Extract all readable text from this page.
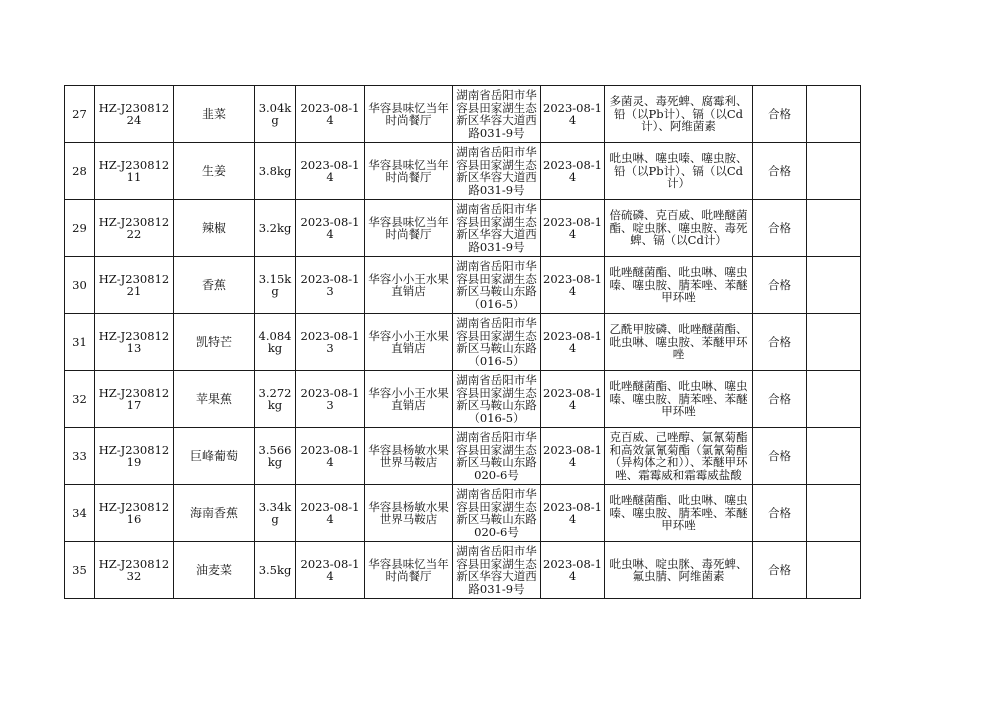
27	HZ-J23081224	韭菜	3.04kg	2023-08-14	华容县味忆当年时尚餐厅	湖南省岳阳市华容县田家湖生态新区华容大道西路031-9号	2023-08-14	多菌灵、毒死蜱、腐霉利、铅（以Pb计）、镉（以Cd计）、阿维菌素	合格	
28	HZ-J23081211	生姜	3.8kg	2023-08-14	华容县味忆当年时尚餐厅	湖南省岳阳市华容县田家湖生态新区华容大道西路031-9号	2023-08-14	吡虫啉、噻虫嗪、噻虫胺、铅（以Pb计）、镉（以Cd计）	合格	
29	HZ-J23081222	辣椒	3.2kg	2023-08-14	华容县味忆当年时尚餐厅	湖南省岳阳市华容县田家湖生态新区华容大道西路031-9号	2023-08-14	倍硫磷、克百威、吡唑醚菌酯、啶虫脒、噻虫胺、毒死蜱、镉（以Cd计）	合格	
30	HZ-J23081221	香蕉	3.15kg	2023-08-13	华容小小王水果直销店	湖南省岳阳市华容县田家湖生态新区马鞍山东路（016-5）	2023-08-14	吡唑醚菌酯、吡虫啉、噻虫嗪、噻虫胺、腈苯唑、苯醚甲环唑	合格	
31	HZ-J23081213	凯特芒	4.084kg	2023-08-13	华容小小王水果直销店	湖南省岳阳市华容县田家湖生态新区马鞍山东路（016-5）	2023-08-14	乙酰甲胺磷、吡唑醚菌酯、吡虫啉、噻虫胺、苯醚甲环唑	合格	
32	HZ-J23081217	苹果蕉	3.272kg	2023-08-13	华容小小王水果直销店	湖南省岳阳市华容县田家湖生态新区马鞍山东路（016-5）	2023-08-14	吡唑醚菌酯、吡虫啉、噻虫嗪、噻虫胺、腈苯唑、苯醚甲环唑	合格	
33	HZ-J23081219	巨峰葡萄	3.566kg	2023-08-14	华容县杨敏水果世界马鞍店	湖南省岳阳市华容县田家湖生态新区马鞍山东路020-6号	2023-08-14	克百威、己唑醇、氯氰菊酯和高效氯氰菊酯（氯氰菊酯（异构体之和））、苯醚甲环唑、霜霉威和霜霉威盐酸	合格	
34	HZ-J23081216	海南香蕉	3.34kg	2023-08-14	华容县杨敏水果世界马鞍店	湖南省岳阳市华容县田家湖生态新区马鞍山东路020-6号	2023-08-14	吡唑醚菌酯、吡虫啉、噻虫嗪、噻虫胺、腈苯唑、苯醚甲环唑	合格	
35	HZ-J23081232	油麦菜	3.5kg	2023-08-14	华容县味忆当年时尚餐厅	湖南省岳阳市华容县田家湖生态新区华容大道西路031-9号	2023-08-14	吡虫啉、啶虫脒、毒死蜱、氟虫腈、阿维菌素	合格	
